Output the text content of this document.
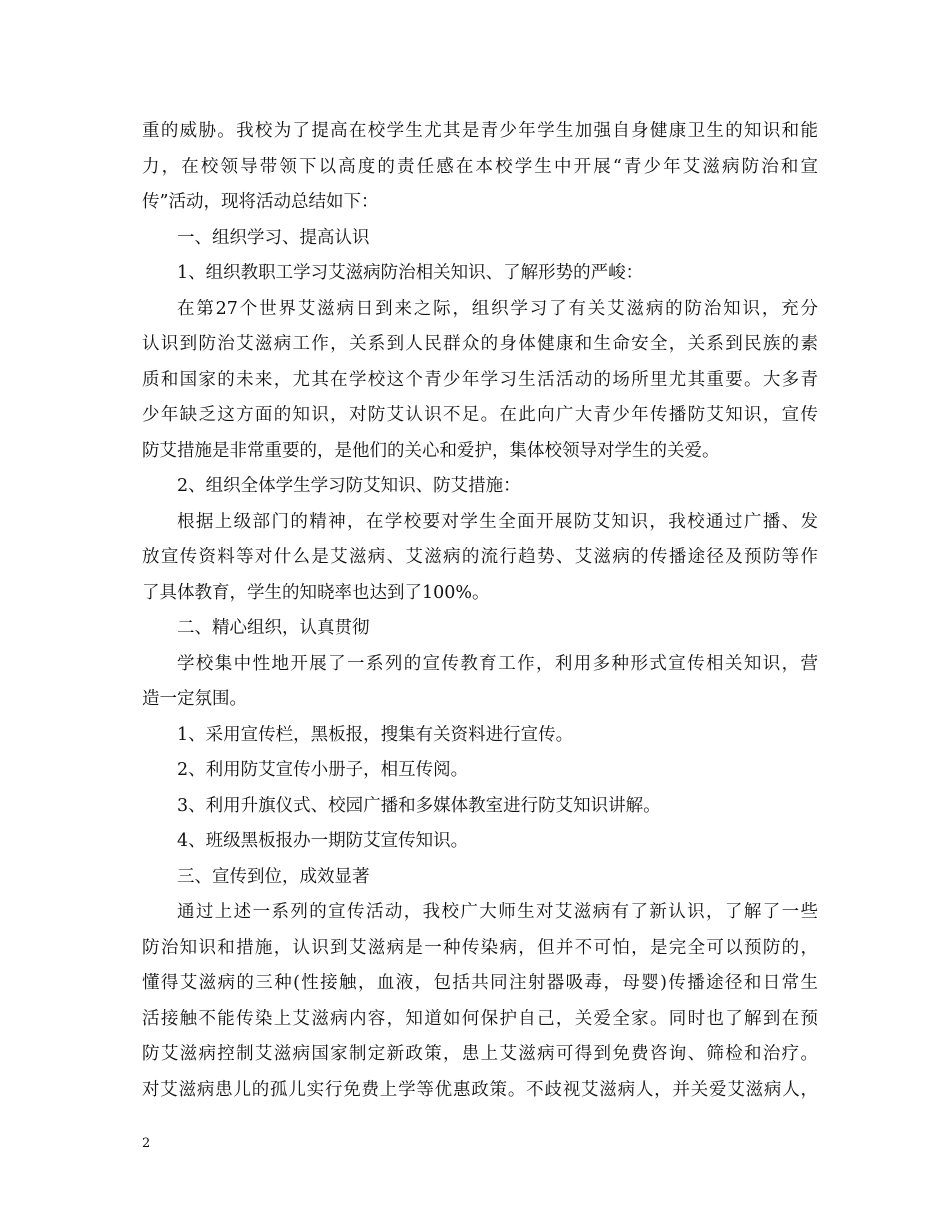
重的威胁。我校为了提高在校学生尤其是青少年学生加强自身健康卫生的知识和能
力，在校领导带领下以高度的责任感在本校学生中开展“青少年艾滋病防治和宣
传”活动，现将活动总结如下：
一、组织学习、提高认识
1、组织教职工学习艾滋病防治相关知识、了解形势的严峻：
在第27个世界艾滋病日到来之际，组织学习了有关艾滋病的防治知识，充分
认识到防治艾滋病工作，关系到人民群众的身体健康和生命安全，关系到民族的素
质和国家的未来，尤其在学校这个青少年学习生活活动的场所里尤其重要。大多青
少年缺乏这方面的知识，对防艾认识不足。在此向广大青少年传播防艾知识，宣传
防艾措施是非常重要的，是他们的关心和爱护，集体校领导对学生的关爱。
2、组织全体学生学习防艾知识、防艾措施：
根据上级部门的精神，在学校要对学生全面开展防艾知识，我校通过广播、发
放宣传资料等对什么是艾滋病、艾滋病的流行趋势、艾滋病的传播途径及预防等作
了具体教育，学生的知晓率也达到了100%。
二、精心组织，认真贯彻
学校集中性地开展了一系列的宣传教育工作，利用多种形式宣传相关知识，营
造一定氛围。
1、采用宣传栏，黑板报，搜集有关资料进行宣传。
2、利用防艾宣传小册子，相互传阅。
3、利用升旗仪式、校园广播和多媒体教室进行防艾知识讲解。
4、班级黑板报办一期防艾宣传知识。
三、宣传到位，成效显著
通过上述一系列的宣传活动，我校广大师生对艾滋病有了新认识，了解了一些
防治知识和措施，认识到艾滋病是一种传染病，但并不可怕，是完全可以预防的，
懂得艾滋病的三种(性接触，血液，包括共同注射器吸毒，母婴)传播途径和日常生
活接触不能传染上艾滋病内容，知道如何保护自己，关爱全家。同时也了解到在预
防艾滋病控制艾滋病国家制定新政策，患上艾滋病可得到免费咨询、筛检和治疗。
对艾滋病患儿的孤儿实行免费上学等优惠政策。不歧视艾滋病人，并关爱艾滋病人，
2
